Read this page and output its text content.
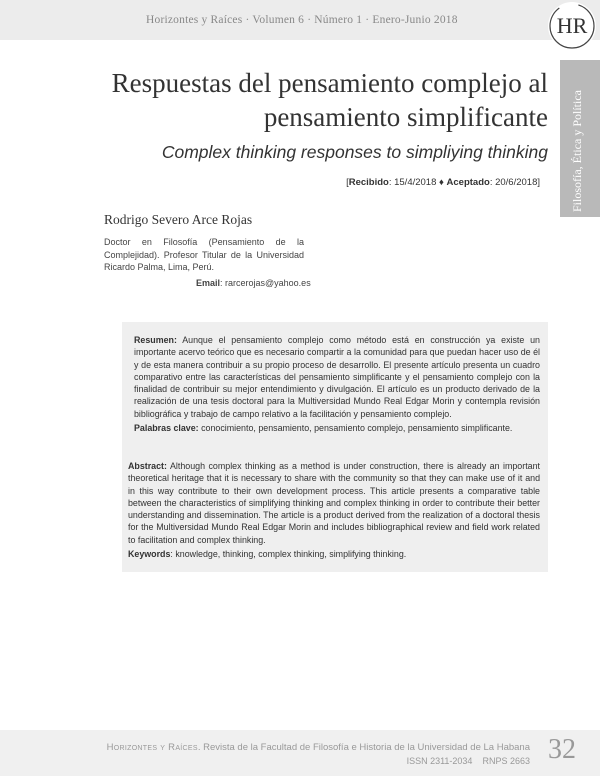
Horizontes y Raíces · Volumen 6 · Número 1 · Enero-Junio 2018	HR
Filosofía, Ética y Política
Respuestas del pensamiento complejo al pensamiento simplificante

Complex thinking responses to simpliying thinking

[Recibido: 15/4/2018 ♦ Aceptado: 20/6/2018]
Rodrigo Severo Arce Rojas

Doctor en Filosofía (Pensamiento de la Complejidad). Profesor Titular de la Universidad Ricardo Palma, Lima, Perú.

Email: rarcerojas@yahoo.es

Resumen: Aunque el pensamiento complejo como método está en construcción ya existe un importante acervo teórico que es necesario compartir a la comunidad para que puedan hacer uso de él y de esta manera contribuir a su propio proceso de desarrollo. El presente artículo presenta un cuadro comparativo entre las características del pensamiento simplificante y el pensamiento complejo con la finalidad de contribuir su mejor entendimiento y divulgación. El artículo es un producto derivado de la realización de una tesis doctoral para la Multiversidad Mundo Real Edgar Morin y contempla revisión bibliográfica y trabajo de campo relativo a la facilitación y pensamiento complejo.

Palabras clave: conocimiento, pensamiento, pensamiento complejo, pensamiento simplificante.

Abstract: Although complex thinking as a method is under construction, there is already an important theoretical heritage that it is necessary to share with the community so that they can make use of it and in this way contribute to their own development process. This article presents a comparative table between the characteristics of simplifying thinking and complex thinking in order to contribute their better understanding and dissemination. The article is a product derived from the realization of a doctoral thesis for the Multiversidad Mundo Real Edgar Morin and includes bibliographical review and field work related to facilitation and complex thinking.

Keywords: knowledge, thinking, complex thinking, simplifying thinking.

Horizontes y Raíces. Revista de la Facultad de Filosofía e Historia de la Universidad de La Habana
ISSN 2311-2034 RNPS 2663 32
